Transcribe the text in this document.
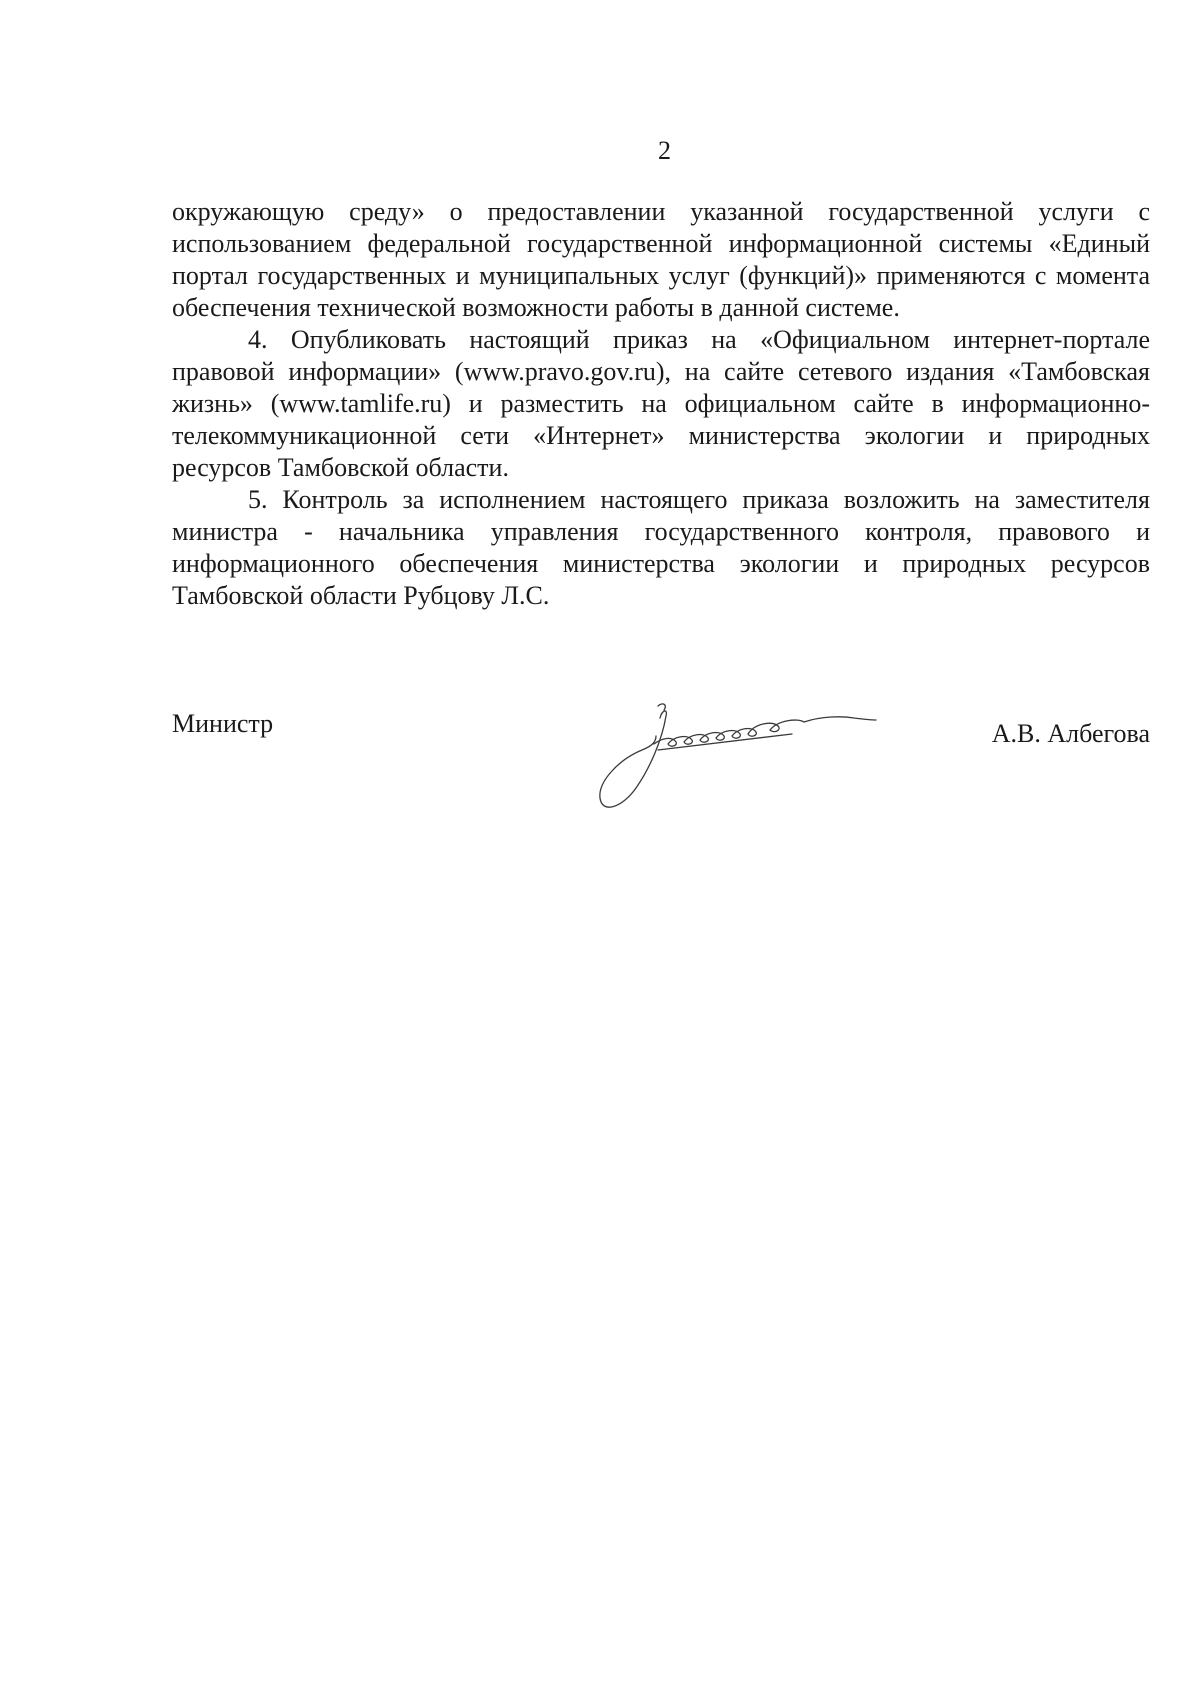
2

окружающую среду» о предоставлении указанной государственной услуги с использованием федеральной государственной информационной системы «Единый портал государственных и муниципальных услуг (функций)» применяются с момента обеспечения технической возможности работы в данной системе.

4. Опубликовать настоящий приказ на «Официальном интернет-портале правовой информации» (www.pravo.gov.ru), на сайте сетевого издания «Тамбовская жизнь» (www.tamlife.ru) и разместить на официальном сайте в информационно-телекоммуникационной сети «Интернет» министерства экологии и природных ресурсов Тамбовской области.

5. Контроль за исполнением настоящего приказа возложить на заместителя министра - начальника управления государственного контроля, правового и информационного обеспечения министерства экологии и природных ресурсов Тамбовской области Рубцову Л.С.

Министр	А.В. Албегова
